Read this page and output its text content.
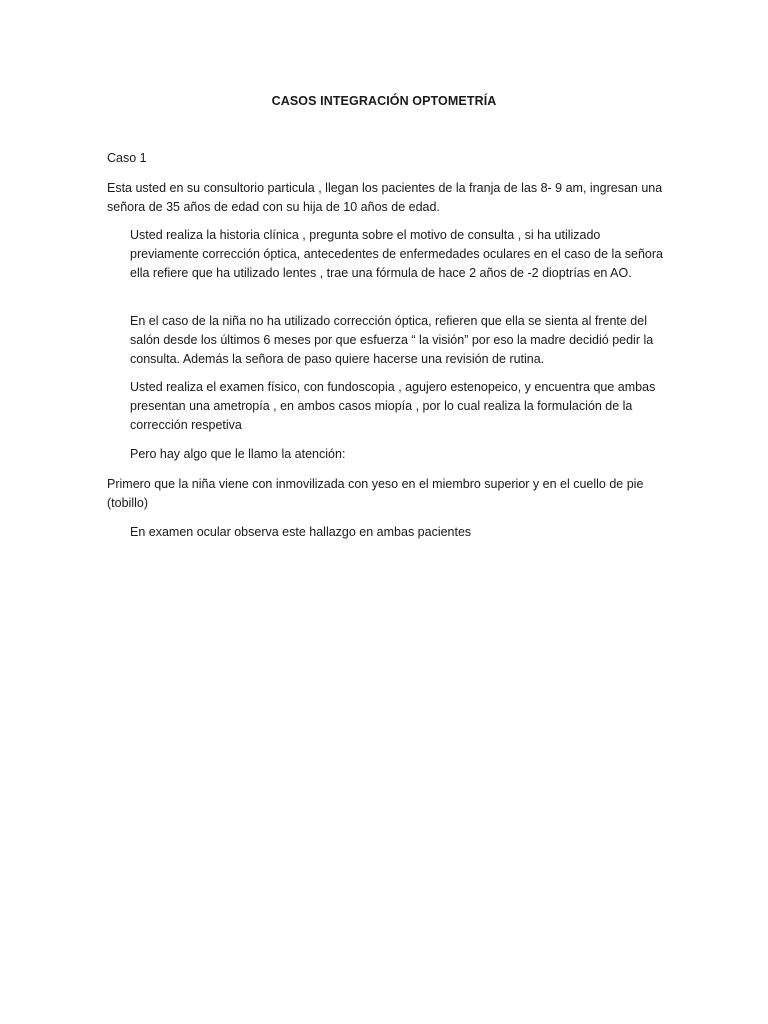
CASOS INTEGRACIÓN OPTOMETRÍA
Caso 1

Esta usted en su consultorio particula , llegan los pacientes de la franja de las 8- 9 am, ingresan una señora de 35 años de edad con su hija de 10 años de edad.

Usted realiza la historia clínica , pregunta sobre el motivo de consulta , si ha utilizado previamente corrección óptica, antecedentes de enfermedades oculares en el caso de la señora ella refiere que ha utilizado lentes , trae una fórmula de hace 2 años de -2 dioptrías en AO.

En el caso de la niña no ha utilizado corrección óptica, refieren que ella se sienta al frente del salón desde los últimos 6 meses por que esfuerza “ la visión” por eso la madre decidió pedir la consulta. Además la señora de paso quiere hacerse una revisión de rutina.

Usted realiza el examen físico, con fundoscopia , agujero estenopeico, y encuentra que ambas presentan una ametropía , en ambos casos miopía , por lo cual realiza la formulación de la corrección respetiva

Pero hay algo que le llamo la atención:

Primero que la niña viene con inmovilizada con yeso en el miembro superior y en el cuello de pie (tobillo)

En examen ocular observa este hallazgo en ambas pacientes
